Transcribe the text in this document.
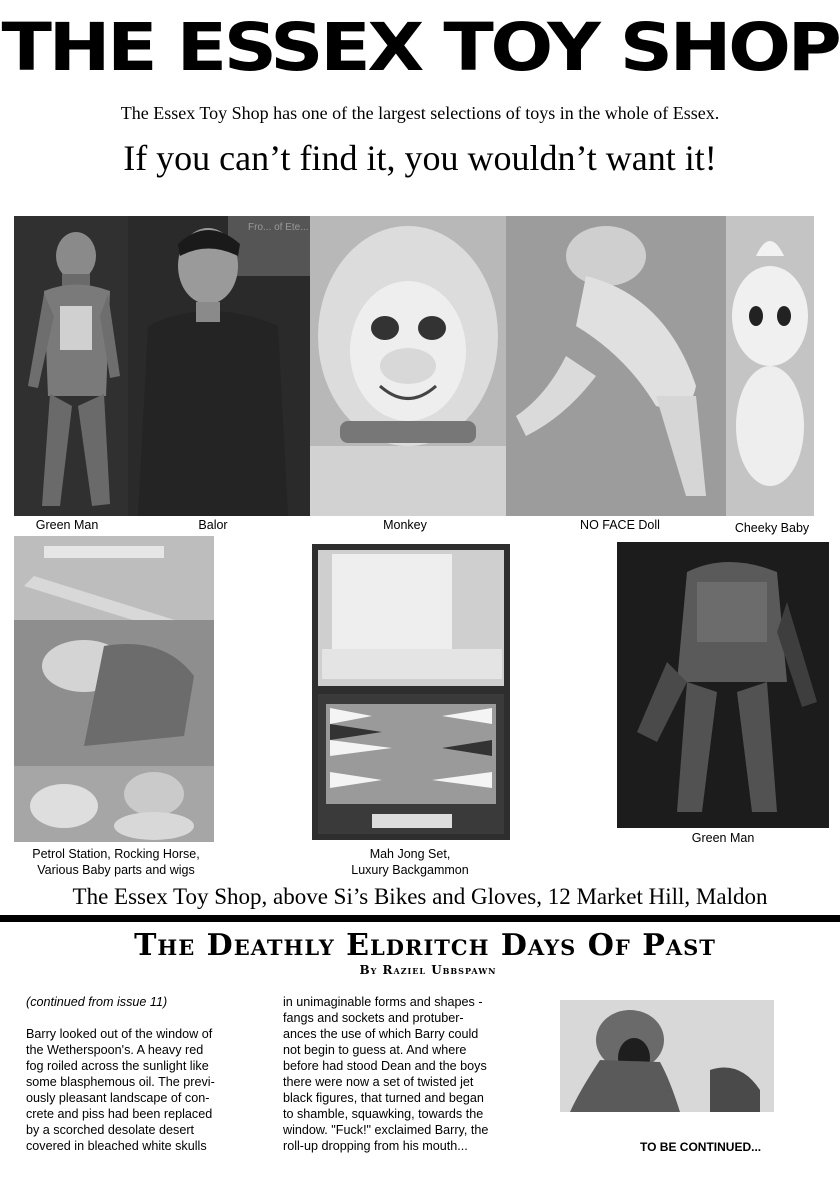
THE ESSEX TOY SHOP
The Essex Toy Shop has one of the largest selections of toys in the whole of Essex.
If you can’t find it, you wouldn’t want it!
Fro... of Ete...
Green Man	Balor	Monkey	NO FACE Doll	Cheeky Baby
Petrol Station, Rocking Horse,
Various Baby parts and wigs
Mah Jong Set,
Luxury Backgammon
Green Man
The Essex Toy Shop, above Si’s Bikes and Gloves, 12 Market Hill, Maldon
The Deathly Eldritch Days Of Past
By Raziel Ubbspawn
(continued from issue 11)
Barry looked out of the window of
the Wetherspoon's. A heavy red
fog roiled across the sunlight like
some blasphemous oil. The previ-
ously pleasant landscape of con-
crete and piss had been replaced
by a scorched desolate desert
covered in bleached white skulls
in unimaginable forms and shapes -
fangs and sockets and protuber-
ances the use of which Barry could
not begin to guess at. And where
before had stood Dean and the boys
there were now a set of twisted jet
black figures, that turned and began
to shamble, squawking, towards the
window. "Fuck!" exclaimed Barry, the
roll-up dropping from his mouth...	TO BE CONTINUED...
